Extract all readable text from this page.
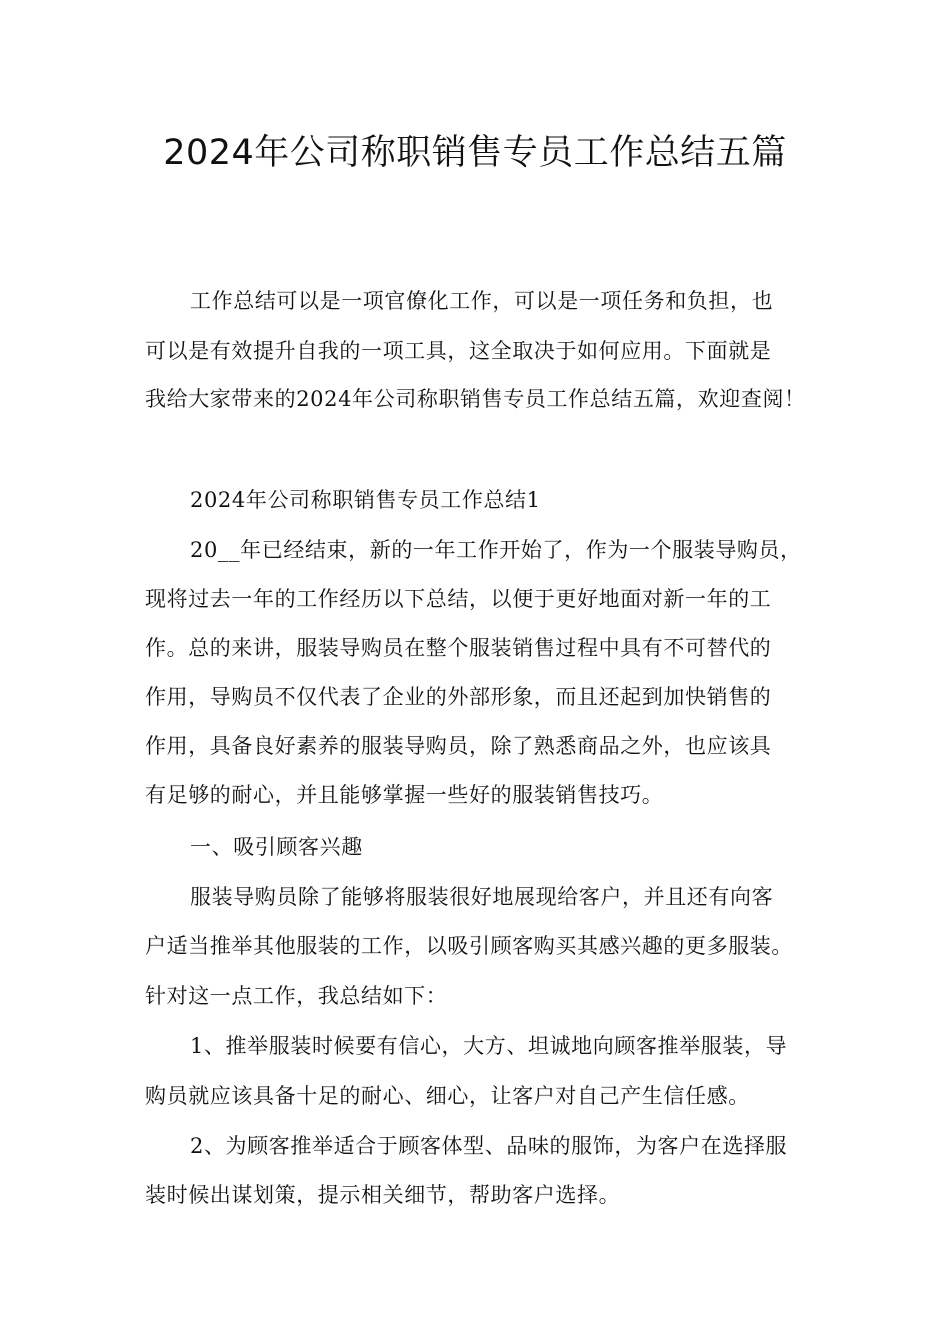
2024年公司称职销售专员工作总结五篇
工作总结可以是一项官僚化工作，可以是一项任务和负担，也
可以是有效提升自我的一项工具，这全取决于如何应用。下面就是
我给大家带来的2024年公司称职销售专员工作总结五篇，欢迎查阅！
2024年公司称职销售专员工作总结1
20__年已经结束，新的一年工作开始了，作为一个服装导购员，
现将过去一年的工作经历以下总结，以便于更好地面对新一年的工
作。总的来讲，服装导购员在整个服装销售过程中具有不可替代的
作用，导购员不仅代表了企业的外部形象，而且还起到加快销售的
作用，具备良好素养的服装导购员，除了熟悉商品之外，也应该具
有足够的耐心，并且能够掌握一些好的服装销售技巧。
一、吸引顾客兴趣
服装导购员除了能够将服装很好地展现给客户，并且还有向客
户适当推举其他服装的工作，以吸引顾客购买其感兴趣的更多服装。
针对这一点工作，我总结如下：
1、推举服装时候要有信心，大方、坦诚地向顾客推举服装，导
购员就应该具备十足的耐心、细心，让客户对自己产生信任感。
2、为顾客推举适合于顾客体型、品味的服饰，为客户在选择服
装时候出谋划策，提示相关细节，帮助客户选择。
